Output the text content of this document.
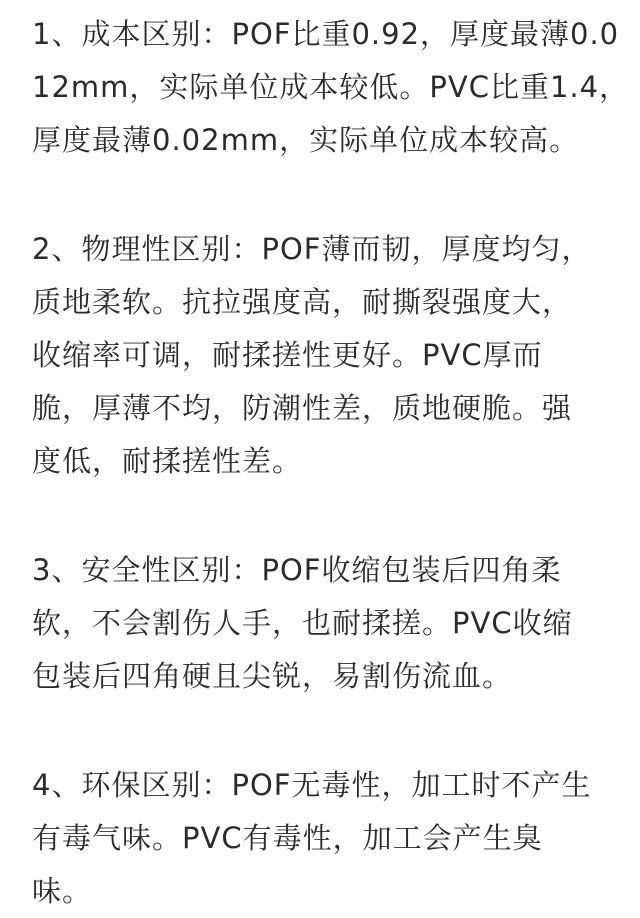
1、成本区别：POF比重0.92，厚度最薄0.0
12mm，实际单位成本较低。PVC比重1.4，
厚度最薄0.02mm，实际单位成本较高。
2、物理性区别：POF薄而韧，厚度均匀，
质地柔软。抗拉强度高，耐撕裂强度大，
收缩率可调，耐揉搓性更好。PVC厚而
脆，厚薄不均，防潮性差，质地硬脆。强
度低，耐揉搓性差。
3、安全性区别：POF收缩包装后四角柔
软，不会割伤人手，也耐揉搓。PVC收缩
包装后四角硬且尖锐，易割伤流血。
4、环保区别：POF无毒性，加工时不产生
有毒气味。PVC有毒性，加工会产生臭
味。
